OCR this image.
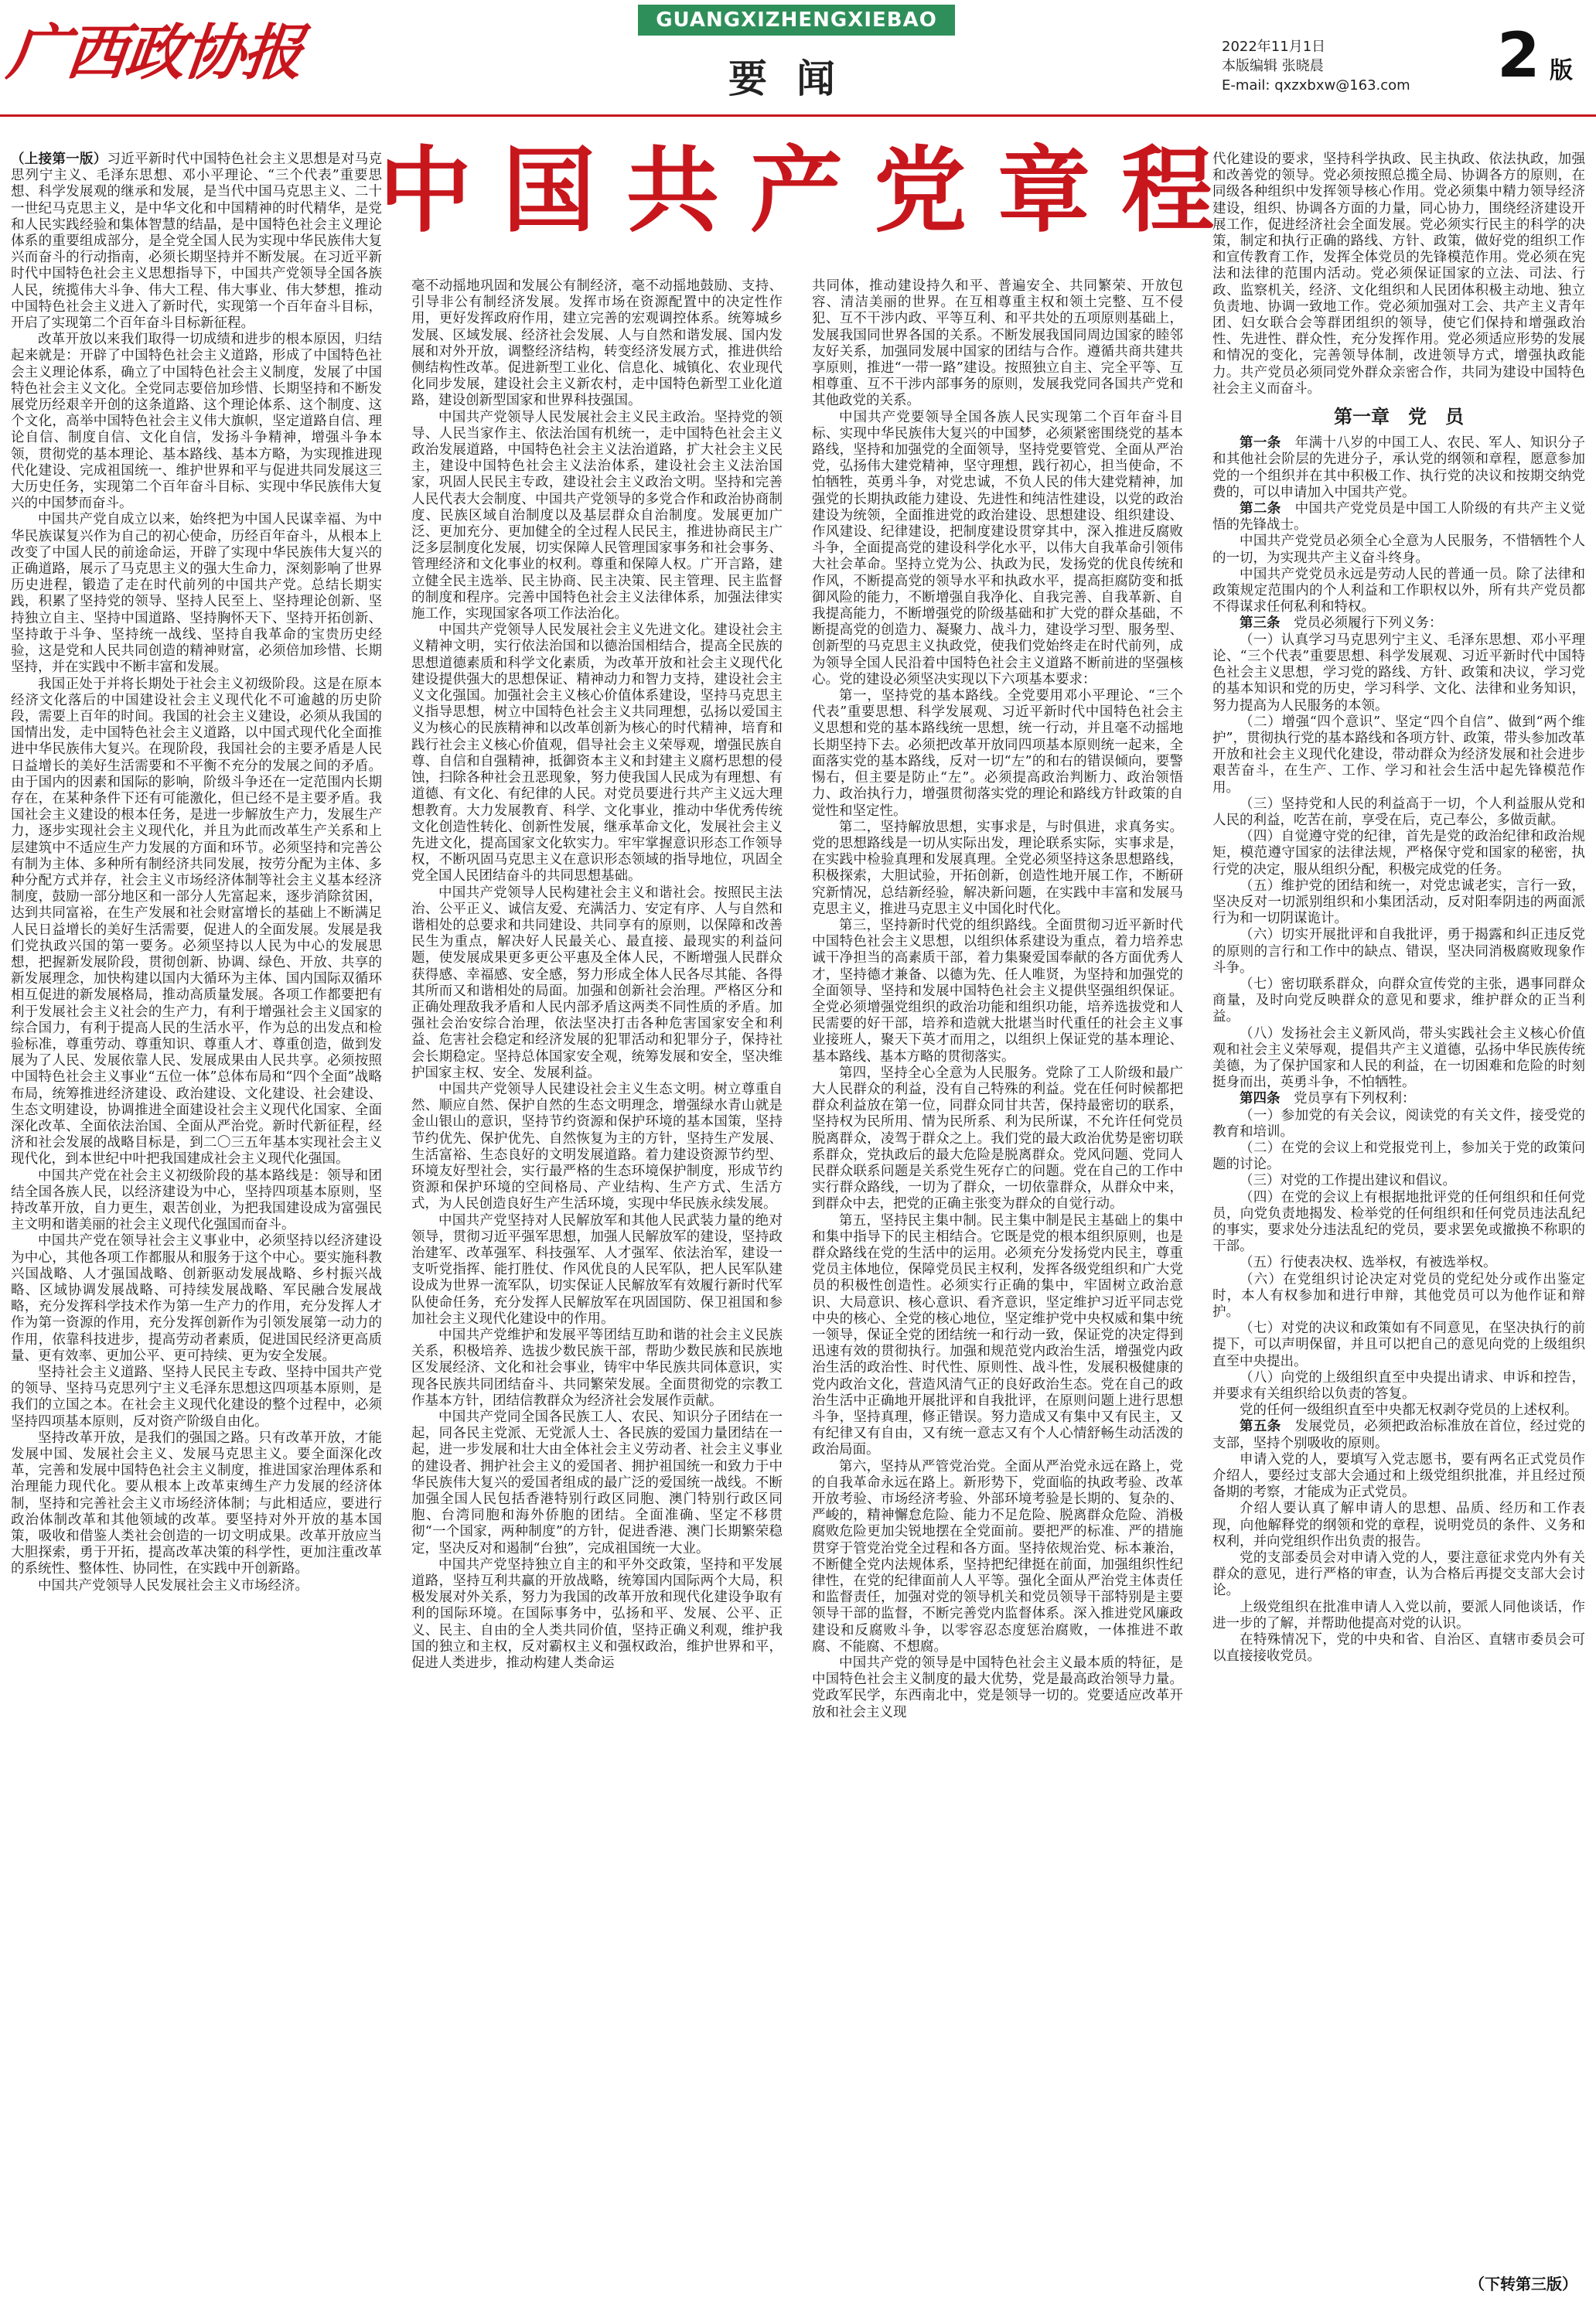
广西政协报	GUANGXIZHENGXIEBAO
要闻
2022年11月1日
本版编辑 张晓晨
E-mail: qxzxbxw@163.com	2 版
中国共产党章程

（上接第一版）习近平新时代中国特色社会主义思想是对马克思列宁主义、毛泽东思想、邓小平理论、“三个代表”重要思想、科学发展观的继承和发展，是当代中国马克思主义、二十一世纪马克思主义，是中华文化和中国精神的时代精华，是党和人民实践经验和集体智慧的结晶，是中国特色社会主义理论体系的重要组成部分，是全党全国人民为实现中华民族伟大复兴而奋斗的行动指南，必须长期坚持并不断发展。在习近平新时代中国特色社会主义思想指导下，中国共产党领导全国各族人民，统揽伟大斗争、伟大工程、伟大事业、伟大梦想，推动中国特色社会主义进入了新时代，实现第一个百年奋斗目标，开启了实现第二个百年奋斗目标新征程。

改革开放以来我们取得一切成绩和进步的根本原因，归结起来就是：开辟了中国特色社会主义道路，形成了中国特色社会主义理论体系，确立了中国特色社会主义制度，发展了中国特色社会主义文化。全党同志要倍加珍惜、长期坚持和不断发展党历经艰辛开创的这条道路、这个理论体系、这个制度、这个文化，高举中国特色社会主义伟大旗帜，坚定道路自信、理论自信、制度自信、文化自信，发扬斗争精神，增强斗争本领，贯彻党的基本理论、基本路线、基本方略，为实现推进现代化建设、完成祖国统一、维护世界和平与促进共同发展这三大历史任务，实现第二个百年奋斗目标、实现中华民族伟大复兴的中国梦而奋斗。

中国共产党自成立以来，始终把为中国人民谋幸福、为中华民族谋复兴作为自己的初心使命，历经百年奋斗，从根本上改变了中国人民的前途命运，开辟了实现中华民族伟大复兴的正确道路，展示了马克思主义的强大生命力，深刻影响了世界历史进程，锻造了走在时代前列的中国共产党。总结长期实践，积累了坚持党的领导、坚持人民至上、坚持理论创新、坚持独立自主、坚持中国道路、坚持胸怀天下、坚持开拓创新、坚持敢于斗争、坚持统一战线、坚持自我革命的宝贵历史经验，这是党和人民共同创造的精神财富，必须倍加珍惜、长期坚持，并在实践中不断丰富和发展。

我国正处于并将长期处于社会主义初级阶段。这是在原本经济文化落后的中国建设社会主义现代化不可逾越的历史阶段，需要上百年的时间。我国的社会主义建设，必须从我国的国情出发，走中国特色社会主义道路，以中国式现代化全面推进中华民族伟大复兴。在现阶段，我国社会的主要矛盾是人民日益增长的美好生活需要和不平衡不充分的发展之间的矛盾。由于国内的因素和国际的影响，阶级斗争还在一定范围内长期存在，在某种条件下还有可能激化，但已经不是主要矛盾。我国社会主义建设的根本任务，是进一步解放生产力，发展生产力，逐步实现社会主义现代化，并且为此而改革生产关系和上层建筑中不适应生产力发展的方面和环节。必须坚持和完善公有制为主体、多种所有制经济共同发展，按劳分配为主体、多种分配方式并存，社会主义市场经济体制等社会主义基本经济制度，鼓励一部分地区和一部分人先富起来，逐步消除贫困，达到共同富裕，在生产发展和社会财富增长的基础上不断满足人民日益增长的美好生活需要，促进人的全面发展。发展是我们党执政兴国的第一要务。必须坚持以人民为中心的发展思想，把握新发展阶段，贯彻创新、协调、绿色、开放、共享的新发展理念，加快构建以国内大循环为主体、国内国际双循环相互促进的新发展格局，推动高质量发展。各项工作都要把有利于发展社会主义社会的生产力，有利于增强社会主义国家的综合国力，有利于提高人民的生活水平，作为总的出发点和检验标准，尊重劳动、尊重知识、尊重人才、尊重创造，做到发展为了人民、发展依靠人民、发展成果由人民共享。必须按照中国特色社会主义事业“五位一体”总体布局和“四个全面”战略布局，统筹推进经济建设、政治建设、文化建设、社会建设、生态文明建设，协调推进全面建设社会主义现代化国家、全面深化改革、全面依法治国、全面从严治党。新时代新征程，经济和社会发展的战略目标是，到二〇三五年基本实现社会主义现代化，到本世纪中叶把我国建成社会主义现代化强国。

中国共产党在社会主义初级阶段的基本路线是：领导和团结全国各族人民，以经济建设为中心，坚持四项基本原则，坚持改革开放，自力更生，艰苦创业，为把我国建设成为富强民主文明和谐美丽的社会主义现代化强国而奋斗。

中国共产党在领导社会主义事业中，必须坚持以经济建设为中心，其他各项工作都服从和服务于这个中心。要实施科教兴国战略、人才强国战略、创新驱动发展战略、乡村振兴战略、区域协调发展战略、可持续发展战略、军民融合发展战略，充分发挥科学技术作为第一生产力的作用，充分发挥人才作为第一资源的作用，充分发挥创新作为引领发展第一动力的作用，依靠科技进步，提高劳动者素质，促进国民经济更高质量、更有效率、更加公平、更可持续、更为安全发展。

坚持社会主义道路、坚持人民民主专政、坚持中国共产党的领导、坚持马克思列宁主义毛泽东思想这四项基本原则，是我们的立国之本。在社会主义现代化建设的整个过程中，必须坚持四项基本原则，反对资产阶级自由化。

坚持改革开放，是我们的强国之路。只有改革开放，才能发展中国、发展社会主义、发展马克思主义。要全面深化改革，完善和发展中国特色社会主义制度，推进国家治理体系和治理能力现代化。要从根本上改革束缚生产力发展的经济体制，坚持和完善社会主义市场经济体制；与此相适应，要进行政治体制改革和其他领域的改革。要坚持对外开放的基本国策，吸收和借鉴人类社会创造的一切文明成果。改革开放应当大胆探索，勇于开拓，提高改革决策的科学性，更加注重改革的系统性、整体性、协同性，在实践中开创新路。

中国共产党领导人民发展社会主义市场经济。

毫不动摇地巩固和发展公有制经济，毫不动摇地鼓励、支持、引导非公有制经济发展。发挥市场在资源配置中的决定性作用，更好发挥政府作用，建立完善的宏观调控体系。统筹城乡发展、区域发展、经济社会发展、人与自然和谐发展、国内发展和对外开放，调整经济结构，转变经济发展方式，推进供给侧结构性改革。促进新型工业化、信息化、城镇化、农业现代化同步发展，建设社会主义新农村，走中国特色新型工业化道路，建设创新型国家和世界科技强国。

中国共产党领导人民发展社会主义民主政治。坚持党的领导、人民当家作主、依法治国有机统一，走中国特色社会主义政治发展道路，中国特色社会主义法治道路，扩大社会主义民主，建设中国特色社会主义法治体系，建设社会主义法治国家，巩固人民民主专政，建设社会主义政治文明。坚持和完善人民代表大会制度、中国共产党领导的多党合作和政治协商制度、民族区域自治制度以及基层群众自治制度。发展更加广泛、更加充分、更加健全的全过程人民民主，推进协商民主广泛多层制度化发展，切实保障人民管理国家事务和社会事务、管理经济和文化事业的权利。尊重和保障人权。广开言路，建立健全民主选举、民主协商、民主决策、民主管理、民主监督的制度和程序。完善中国特色社会主义法律体系，加强法律实施工作，实现国家各项工作法治化。

中国共产党领导人民发展社会主义先进文化。建设社会主义精神文明，实行依法治国和以德治国相结合，提高全民族的思想道德素质和科学文化素质，为改革开放和社会主义现代化建设提供强大的思想保证、精神动力和智力支持，建设社会主义文化强国。加强社会主义核心价值体系建设，坚持马克思主义指导思想，树立中国特色社会主义共同理想，弘扬以爱国主义为核心的民族精神和以改革创新为核心的时代精神，培育和践行社会主义核心价值观，倡导社会主义荣辱观，增强民族自尊、自信和自强精神，抵御资本主义和封建主义腐朽思想的侵蚀，扫除各种社会丑恶现象，努力使我国人民成为有理想、有道德、有文化、有纪律的人民。对党员要进行共产主义远大理想教育。大力发展教育、科学、文化事业，推动中华优秀传统文化创造性转化、创新性发展，继承革命文化，发展社会主义先进文化，提高国家文化软实力。牢牢掌握意识形态工作领导权，不断巩固马克思主义在意识形态领域的指导地位，巩固全党全国人民团结奋斗的共同思想基础。

中国共产党领导人民构建社会主义和谐社会。按照民主法治、公平正义、诚信友爱、充满活力、安定有序、人与自然和谐相处的总要求和共同建设、共同享有的原则，以保障和改善民生为重点，解决好人民最关心、最直接、最现实的利益问题，使发展成果更多更公平惠及全体人民，不断增强人民群众获得感、幸福感、安全感，努力形成全体人民各尽其能、各得其所而又和谐相处的局面。加强和创新社会治理。严格区分和正确处理敌我矛盾和人民内部矛盾这两类不同性质的矛盾。加强社会治安综合治理，依法坚决打击各种危害国家安全和利益、危害社会稳定和经济发展的犯罪活动和犯罪分子，保持社会长期稳定。坚持总体国家安全观，统筹发展和安全，坚决维护国家主权、安全、发展利益。

中国共产党领导人民建设社会主义生态文明。树立尊重自然、顺应自然、保护自然的生态文明理念，增强绿水青山就是金山银山的意识，坚持节约资源和保护环境的基本国策，坚持节约优先、保护优先、自然恢复为主的方针，坚持生产发展、生活富裕、生态良好的文明发展道路。着力建设资源节约型、环境友好型社会，实行最严格的生态环境保护制度，形成节约资源和保护环境的空间格局、产业结构、生产方式、生活方式，为人民创造良好生产生活环境，实现中华民族永续发展。

中国共产党坚持对人民解放军和其他人民武装力量的绝对领导，贯彻习近平强军思想，加强人民解放军的建设，坚持政治建军、改革强军、科技强军、人才强军、依法治军，建设一支听党指挥、能打胜仗、作风优良的人民军队，把人民军队建设成为世界一流军队，切实保证人民解放军有效履行新时代军队使命任务，充分发挥人民解放军在巩固国防、保卫祖国和参加社会主义现代化建设中的作用。

中国共产党维护和发展平等团结互助和谐的社会主义民族关系，积极培养、选拔少数民族干部，帮助少数民族和民族地区发展经济、文化和社会事业，铸牢中华民族共同体意识，实现各民族共同团结奋斗、共同繁荣发展。全面贯彻党的宗教工作基本方针，团结信教群众为经济社会发展作贡献。

中国共产党同全国各民族工人、农民、知识分子团结在一起，同各民主党派、无党派人士、各民族的爱国力量团结在一起，进一步发展和壮大由全体社会主义劳动者、社会主义事业的建设者、拥护社会主义的爱国者、拥护祖国统一和致力于中华民族伟大复兴的爱国者组成的最广泛的爱国统一战线。不断加强全国人民包括香港特别行政区同胞、澳门特别行政区同胞、台湾同胞和海外侨胞的团结。全面准确、坚定不移贯彻“一个国家，两种制度”的方针，促进香港、澳门长期繁荣稳定，坚决反对和遏制“台独”，完成祖国统一大业。

中国共产党坚持独立自主的和平外交政策，坚持和平发展道路，坚持互利共赢的开放战略，统筹国内国际两个大局，积极发展对外关系，努力为我国的改革开放和现代化建设争取有利的国际环境。在国际事务中，弘扬和平、发展、公平、正义、民主、自由的全人类共同价值，坚持正确义利观，维护我国的独立和主权，反对霸权主义和强权政治，维护世界和平，促进人类进步，推动构建人类命运

共同体，推动建设持久和平、普遍安全、共同繁荣、开放包容、清洁美丽的世界。在互相尊重主权和领土完整、互不侵犯、互不干涉内政、平等互利、和平共处的五项原则基础上，发展我国同世界各国的关系。不断发展我国同周边国家的睦邻友好关系，加强同发展中国家的团结与合作。遵循共商共建共享原则，推进“一带一路”建设。按照独立自主、完全平等、互相尊重、互不干涉内部事务的原则，发展我党同各国共产党和其他政党的关系。

中国共产党要领导全国各族人民实现第二个百年奋斗目标、实现中华民族伟大复兴的中国梦，必须紧密围绕党的基本路线，坚持和加强党的全面领导，坚持党要管党、全面从严治党，弘扬伟大建党精神，坚守理想，践行初心，担当使命，不怕牺牲，英勇斗争，对党忠诚，不负人民的伟大建党精神，加强党的长期执政能力建设、先进性和纯洁性建设，以党的政治建设为统领，全面推进党的政治建设、思想建设、组织建设、作风建设、纪律建设，把制度建设贯穿其中，深入推进反腐败斗争，全面提高党的建设科学化水平，以伟大自我革命引领伟大社会革命。坚持立党为公、执政为民，发扬党的优良传统和作风，不断提高党的领导水平和执政水平，提高拒腐防变和抵御风险的能力，不断增强自我净化、自我完善、自我革新、自我提高能力，不断增强党的阶级基础和扩大党的群众基础，不断提高党的创造力、凝聚力、战斗力，建设学习型、服务型、创新型的马克思主义执政党，使我们党始终走在时代前列，成为领导全国人民沿着中国特色社会主义道路不断前进的坚强核心。党的建设必须坚决实现以下六项基本要求：

第一，坚持党的基本路线。全党要用邓小平理论、“三个代表”重要思想、科学发展观、习近平新时代中国特色社会主义思想和党的基本路线统一思想，统一行动，并且毫不动摇地长期坚持下去。必须把改革开放同四项基本原则统一起来，全面落实党的基本路线，反对一切“左”的和右的错误倾向，要警惕右，但主要是防止“左”。必须提高政治判断力、政治领悟力、政治执行力，增强贯彻落实党的理论和路线方针政策的自觉性和坚定性。

第二，坚持解放思想，实事求是，与时俱进，求真务实。党的思想路线是一切从实际出发，理论联系实际，实事求是，在实践中检验真理和发展真理。全党必须坚持这条思想路线，积极探索，大胆试验，开拓创新，创造性地开展工作，不断研究新情况，总结新经验，解决新问题，在实践中丰富和发展马克思主义，推进马克思主义中国化时代化。

第三，坚持新时代党的组织路线。全面贯彻习近平新时代中国特色社会主义思想，以组织体系建设为重点，着力培养忠诚干净担当的高素质干部，着力集聚爱国奉献的各方面优秀人才，坚持德才兼备、以德为先、任人唯贤，为坚持和加强党的全面领导、坚持和发展中国特色社会主义提供坚强组织保证。全党必须增强党组织的政治功能和组织功能，培养选拔党和人民需要的好干部，培养和造就大批堪当时代重任的社会主义事业接班人，聚天下英才而用之，以组织上保证党的基本理论、基本路线、基本方略的贯彻落实。

第四，坚持全心全意为人民服务。党除了工人阶级和最广大人民群众的利益，没有自己特殊的利益。党在任何时候都把群众利益放在第一位，同群众同甘共苦，保持最密切的联系，坚持权为民所用、情为民所系、利为民所谋，不允许任何党员脱离群众，凌驾于群众之上。我们党的最大政治优势是密切联系群众，党执政后的最大危险是脱离群众。党风问题、党同人民群众联系问题是关系党生死存亡的问题。党在自己的工作中实行群众路线，一切为了群众，一切依靠群众，从群众中来，到群众中去，把党的正确主张变为群众的自觉行动。

第五，坚持民主集中制。民主集中制是民主基础上的集中和集中指导下的民主相结合。它既是党的根本组织原则，也是群众路线在党的生活中的运用。必须充分发扬党内民主，尊重党员主体地位，保障党员民主权利，发挥各级党组织和广大党员的积极性创造性。必须实行正确的集中，牢固树立政治意识、大局意识、核心意识、看齐意识，坚定维护习近平同志党中央的核心、全党的核心地位，坚定维护党中央权威和集中统一领导，保证全党的团结统一和行动一致，保证党的决定得到迅速有效的贯彻执行。加强和规范党内政治生活，增强党内政治生活的政治性、时代性、原则性、战斗性，发展积极健康的党内政治文化，营造风清气正的良好政治生态。党在自己的政治生活中正确地开展批评和自我批评，在原则问题上进行思想斗争，坚持真理，修正错误。努力造成又有集中又有民主，又有纪律又有自由，又有统一意志又有个人心情舒畅生动活泼的政治局面。

第六，坚持从严管党治党。全面从严治党永远在路上，党的自我革命永远在路上。新形势下，党面临的执政考验、改革开放考验、市场经济考验、外部环境考验是长期的、复杂的、严峻的，精神懈怠危险、能力不足危险、脱离群众危险、消极腐败危险更加尖锐地摆在全党面前。要把严的标准、严的措施贯穿于管党治党全过程和各方面。坚持依规治党、标本兼治，不断健全党内法规体系，坚持把纪律挺在前面，加强组织性纪律性，在党的纪律面前人人平等。强化全面从严治党主体责任和监督责任，加强对党的领导机关和党员领导干部特别是主要领导干部的监督，不断完善党内监督体系。深入推进党风廉政建设和反腐败斗争，以零容忍态度惩治腐败，一体推进不敢腐、不能腐、不想腐。

中国共产党的领导是中国特色社会主义最本质的特征，是中国特色社会主义制度的最大优势，党是最高政治领导力量。党政军民学，东西南北中，党是领导一切的。党要适应改革开放和社会主义现

代化建设的要求，坚持科学执政、民主执政、依法执政，加强和改善党的领导。党必须按照总揽全局、协调各方的原则，在同级各种组织中发挥领导核心作用。党必须集中精力领导经济建设，组织、协调各方面的力量，同心协力，围绕经济建设开展工作，促进经济社会全面发展。党必须实行民主的科学的决策，制定和执行正确的路线、方针、政策，做好党的组织工作和宣传教育工作，发挥全体党员的先锋模范作用。党必须在宪法和法律的范围内活动。党必须保证国家的立法、司法、行政、监察机关，经济、文化组织和人民团体积极主动地、独立负责地、协调一致地工作。党必须加强对工会、共产主义青年团、妇女联合会等群团组织的领导，使它们保持和增强政治性、先进性、群众性，充分发挥作用。党必须适应形势的发展和情况的变化，完善领导体制，改进领导方式，增强执政能力。共产党员必须同党外群众亲密合作，共同为建设中国特色社会主义而奋斗。

第一章　党　员

第一条　 年满十八岁的中国工人、农民、军人、知识分子和其他社会阶层的先进分子，承认党的纲领和章程，愿意参加党的一个组织并在其中积极工作、执行党的决议和按期交纳党费的，可以申请加入中国共产党。

第二条　 中国共产党党员是中国工人阶级的有共产主义觉悟的先锋战士。

中国共产党党员必须全心全意为人民服务，不惜牺牲个人的一切，为实现共产主义奋斗终身。

中国共产党党员永远是劳动人民的普通一员。除了法律和政策规定范围内的个人利益和工作职权以外，所有共产党员都不得谋求任何私利和特权。

第三条　 党员必须履行下列义务：

（一）认真学习马克思列宁主义、毛泽东思想、邓小平理论、“三个代表”重要思想、科学发展观、习近平新时代中国特色社会主义思想，学习党的路线、方针、政策和决议，学习党的基本知识和党的历史，学习科学、文化、法律和业务知识，努力提高为人民服务的本领。

（二）增强“四个意识”、坚定“四个自信”、做到“两个维护”，贯彻执行党的基本路线和各项方针、政策，带头参加改革开放和社会主义现代化建设，带动群众为经济发展和社会进步艰苦奋斗，在生产、工作、学习和社会生活中起先锋模范作用。

（三）坚持党和人民的利益高于一切，个人利益服从党和人民的利益，吃苦在前，享受在后，克己奉公，多做贡献。

（四）自觉遵守党的纪律，首先是党的政治纪律和政治规矩，模范遵守国家的法律法规，严格保守党和国家的秘密，执行党的决定，服从组织分配，积极完成党的任务。

（五）维护党的团结和统一，对党忠诚老实，言行一致，坚决反对一切派别组织和小集团活动，反对阳奉阴违的两面派行为和一切阴谋诡计。

（六）切实开展批评和自我批评，勇于揭露和纠正违反党的原则的言行和工作中的缺点、错误，坚决同消极腐败现象作斗争。

（七）密切联系群众，向群众宣传党的主张，遇事同群众商量，及时向党反映群众的意见和要求，维护群众的正当利益。

（八）发扬社会主义新风尚，带头实践社会主义核心价值观和社会主义荣辱观，提倡共产主义道德，弘扬中华民族传统美德，为了保护国家和人民的利益，在一切困难和危险的时刻挺身而出，英勇斗争，不怕牺牲。

第四条　 党员享有下列权利：

（一）参加党的有关会议，阅读党的有关文件，接受党的教育和培训。

（二）在党的会议上和党报党刊上，参加关于党的政策问题的讨论。

（三）对党的工作提出建议和倡议。

（四）在党的会议上有根据地批评党的任何组织和任何党员，向党负责地揭发、检举党的任何组织和任何党员违法乱纪的事实，要求处分违法乱纪的党员，要求罢免或撤换不称职的干部。

（五）行使表决权、选举权，有被选举权。

（六）在党组织讨论决定对党员的党纪处分或作出鉴定时，本人有权参加和进行申辩，其他党员可以为他作证和辩护。

（七）对党的决议和政策如有不同意见，在坚决执行的前提下，可以声明保留，并且可以把自己的意见向党的上级组织直至中央提出。

（八）向党的上级组织直至中央提出请求、申诉和控告，并要求有关组织给以负责的答复。

党的任何一级组织直至中央都无权剥夺党员的上述权利。

第五条　 发展党员，必须把政治标准放在首位，经过党的支部，坚持个别吸收的原则。

申请入党的人，要填写入党志愿书，要有两名正式党员作介绍人，要经过支部大会通过和上级党组织批准，并且经过预备期的考察，才能成为正式党员。

介绍人要认真了解申请人的思想、品质、经历和工作表现，向他解释党的纲领和党的章程，说明党员的条件、义务和权利，并向党组织作出负责的报告。

党的支部委员会对申请入党的人，要注意征求党内外有关群众的意见，进行严格的审查，认为合格后再提交支部大会讨论。

上级党组织在批准申请人入党以前，要派人同他谈话，作进一步的了解，并帮助他提高对党的认识。

在特殊情况下，党的中央和省、自治区、直辖市委员会可以直接接收党员。

（下转第三版）
